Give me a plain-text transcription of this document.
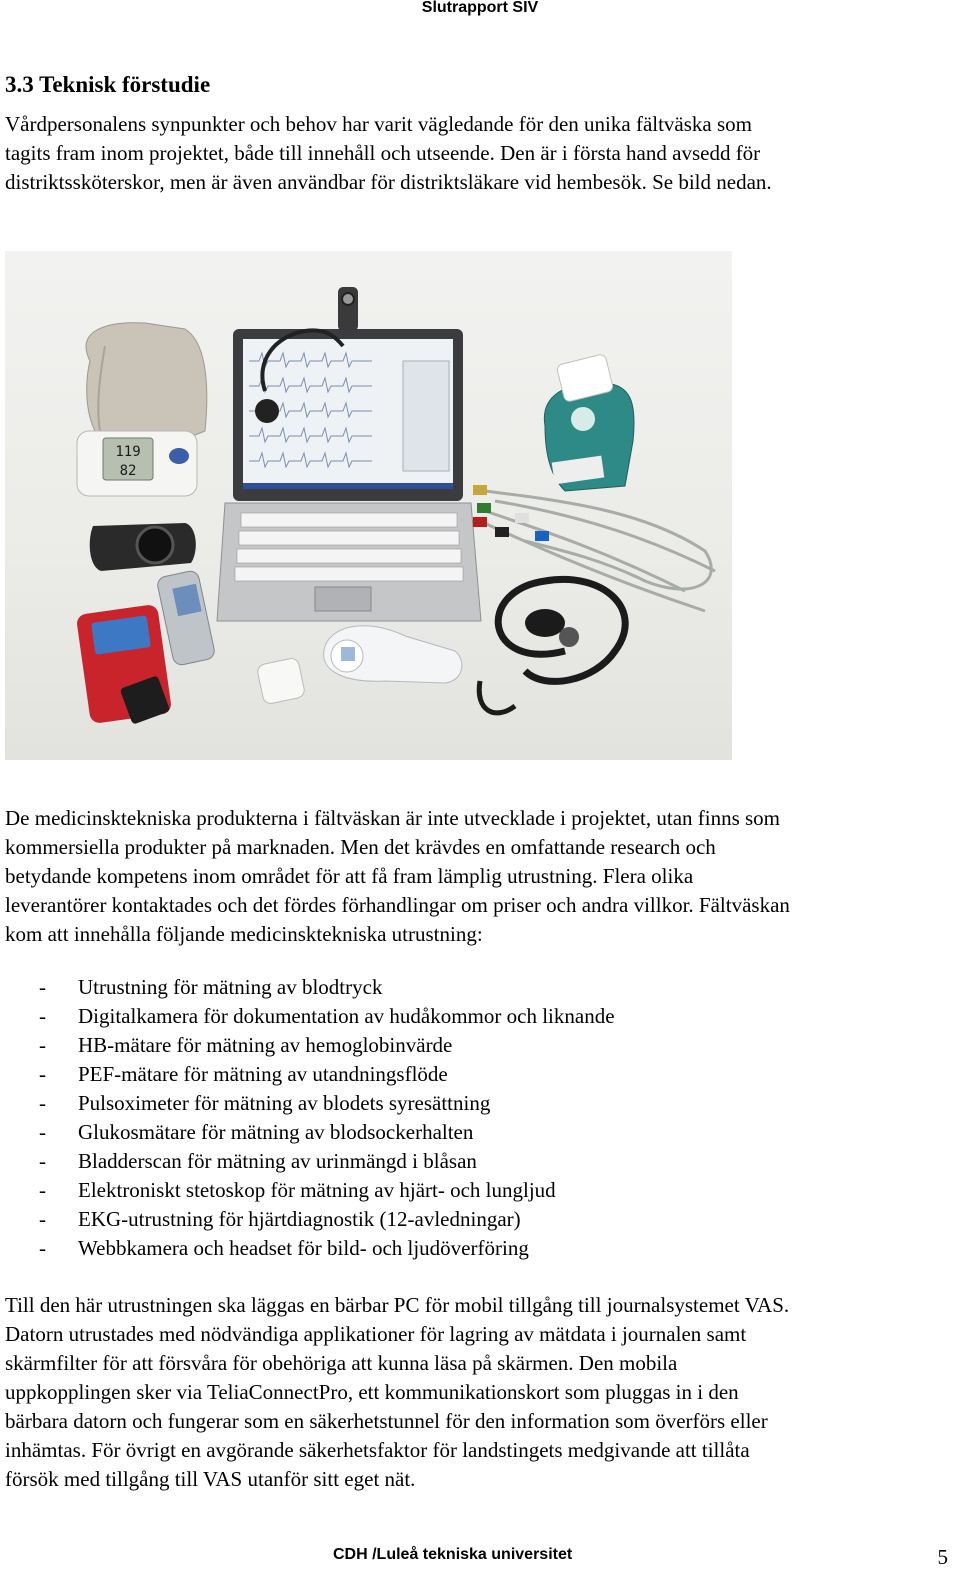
Slutrapport SIV
3.3 Teknisk förstudie
Vårdpersonalens synpunkter och behov har varit vägledande för den unika fältväska som
tagits fram inom projektet, både till innehåll och utseende. Den är i första hand avsedd för
distriktssköterskor, men är även användbar för distriktsläkare vid hembesök. Se bild nedan.
119
82
De medicinsktekniska produkterna i fältväskan är inte utvecklade i projektet, utan finns som
kommersiella produkter på marknaden. Men det krävdes en omfattande research och
betydande kompetens inom området för att få fram lämplig utrustning. Flera olika
leverantörer kontaktades och det fördes förhandlingar om priser och andra villkor. Fältväskan
kom att innehålla följande medicinsktekniska utrustning:
- Utrustning för mätning av blodtryck
- Digitalkamera för dokumentation av hudåkommor och liknande
- HB-mätare för mätning av hemoglobinvärde
- PEF-mätare för mätning av utandningsflöde
- Pulsoximeter för mätning av blodets syresättning
- Glukosmätare för mätning av blodsockerhalten
- Bladderscan för mätning av urinmängd i blåsan
- Elektroniskt stetoskop för mätning av hjärt- och lungljud
- EKG-utrustning för hjärtdiagnostik (12-avledningar)
- Webbkamera och headset för bild- och ljudöverföring
Till den här utrustningen ska läggas en bärbar PC för mobil tillgång till journalsystemet VAS.
Datorn utrustades med nödvändiga applikationer för lagring av mätdata i journalen samt
skärmfilter för att försvåra för obehöriga att kunna läsa på skärmen. Den mobila
uppkopplingen sker via TeliaConnectPro, ett kommunikationskort som pluggas in i den
bärbara datorn och fungerar som en säkerhetstunnel för den information som överförs eller
inhämtas. För övrigt en avgörande säkerhetsfaktor för landstingets medgivande att tillåta
försök med tillgång till VAS utanför sitt eget nät.
CDH /Luleå tekniska universitet	5
